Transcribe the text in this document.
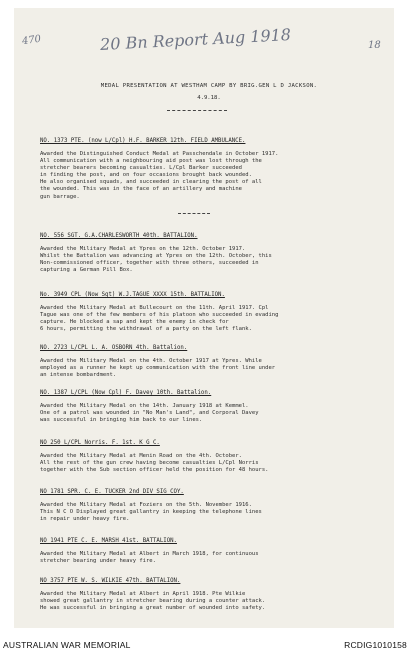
470	20 Bn Report Aug 1918	18
MEDAL PRESENTATION AT WESTHAM CAMP BY BRIG.GEN L D JACKSON.
4.9.18.
NO. 1373 PTE. (now L/Cpl) H.F. BARKER 12th. FIELD AMBULANCE.
Awarded the Distinguished Conduct Medal at Passchendale in October 1917.
All communication with a neighbouring aid post was lost through the
stretcher bearers becoming casualties. L/Cpl Barker succeeded
in finding the post, and on four occasions brought back wounded.
He also organised squads, and succeeded in clearing the post of all
the wounded. This was in the face of an artillery and machine
gun barrage.
NO. 556 SGT. G.A.CHARLESWORTH 40th. BATTALION.
Awarded the Military Medal at Ypres on the 12th. October 1917.
Whilst the Battalion was advancing at Ypres on the 12th. October, this
Non-commissioned officer, together with three others, succeeded in
capturing a German Pill Box.
No. 3949 CPL (Now Sgt) W.J.TAGUE XXXX 15th. BATTALION.
Awarded the Military Medal at Bullecourt on the 11th. April 1917. Cpl
Tague was one of the few members of his platoon who succeeded in evading
capture. He blocked a sap and kept the enemy in check for
6 hours, permitting the withdrawal of a party on the left flank.
NO. 2723 L/CPL L. A. OSBORN 4th. Battalion.
Awarded the Military Medal on the 4th. October 1917 at Ypres. While
employed as a runner he kept up communication with the front line under
an intense bombardment.
NO. 1387 L/CPL (Now Cpl) F. Davey 10th. Battalion.
Awarded the Military Medal on the 14th. January 1918 at Kemmel.
One of a patrol was wounded in "No Man's Land", and Corporal Davey
was successful in bringing him back to our lines.
NO 250 L/CPL Norris. F. 1st. K G C.
Awarded the Military Medal at Menin Road on the 4th. October.
All the rest of the gun crew having become casualties L/Cpl Norris
together with the Sub section officer held the position for 48 hours.
NO 1781 SPR. C. E. TUCKER 2nd DIV SIG COY.
Awarded the Military Medal at Foziers on the 5th. November 1916.
This N C O Displayed great gallantry in keeping the telephone lines
in repair under heavy fire.
NO 1941 PTE C. E. MARSH 41st. BATTALION.
Awarded the Military Medal at Albert in March 1918, for continuous
stretcher bearing under heavy fire.
NO 3757 PTE W. S. WILKIE 47th. BATTALION.
Awarded the Military Medal at Albert in April 1918. Pte Wilkie
showed great gallantry in stretcher bearing during a counter attack.
He was successful in bringing a great number of wounded into safety.
AUSTRALIAN WAR MEMORIAL	RCDIG1010158
